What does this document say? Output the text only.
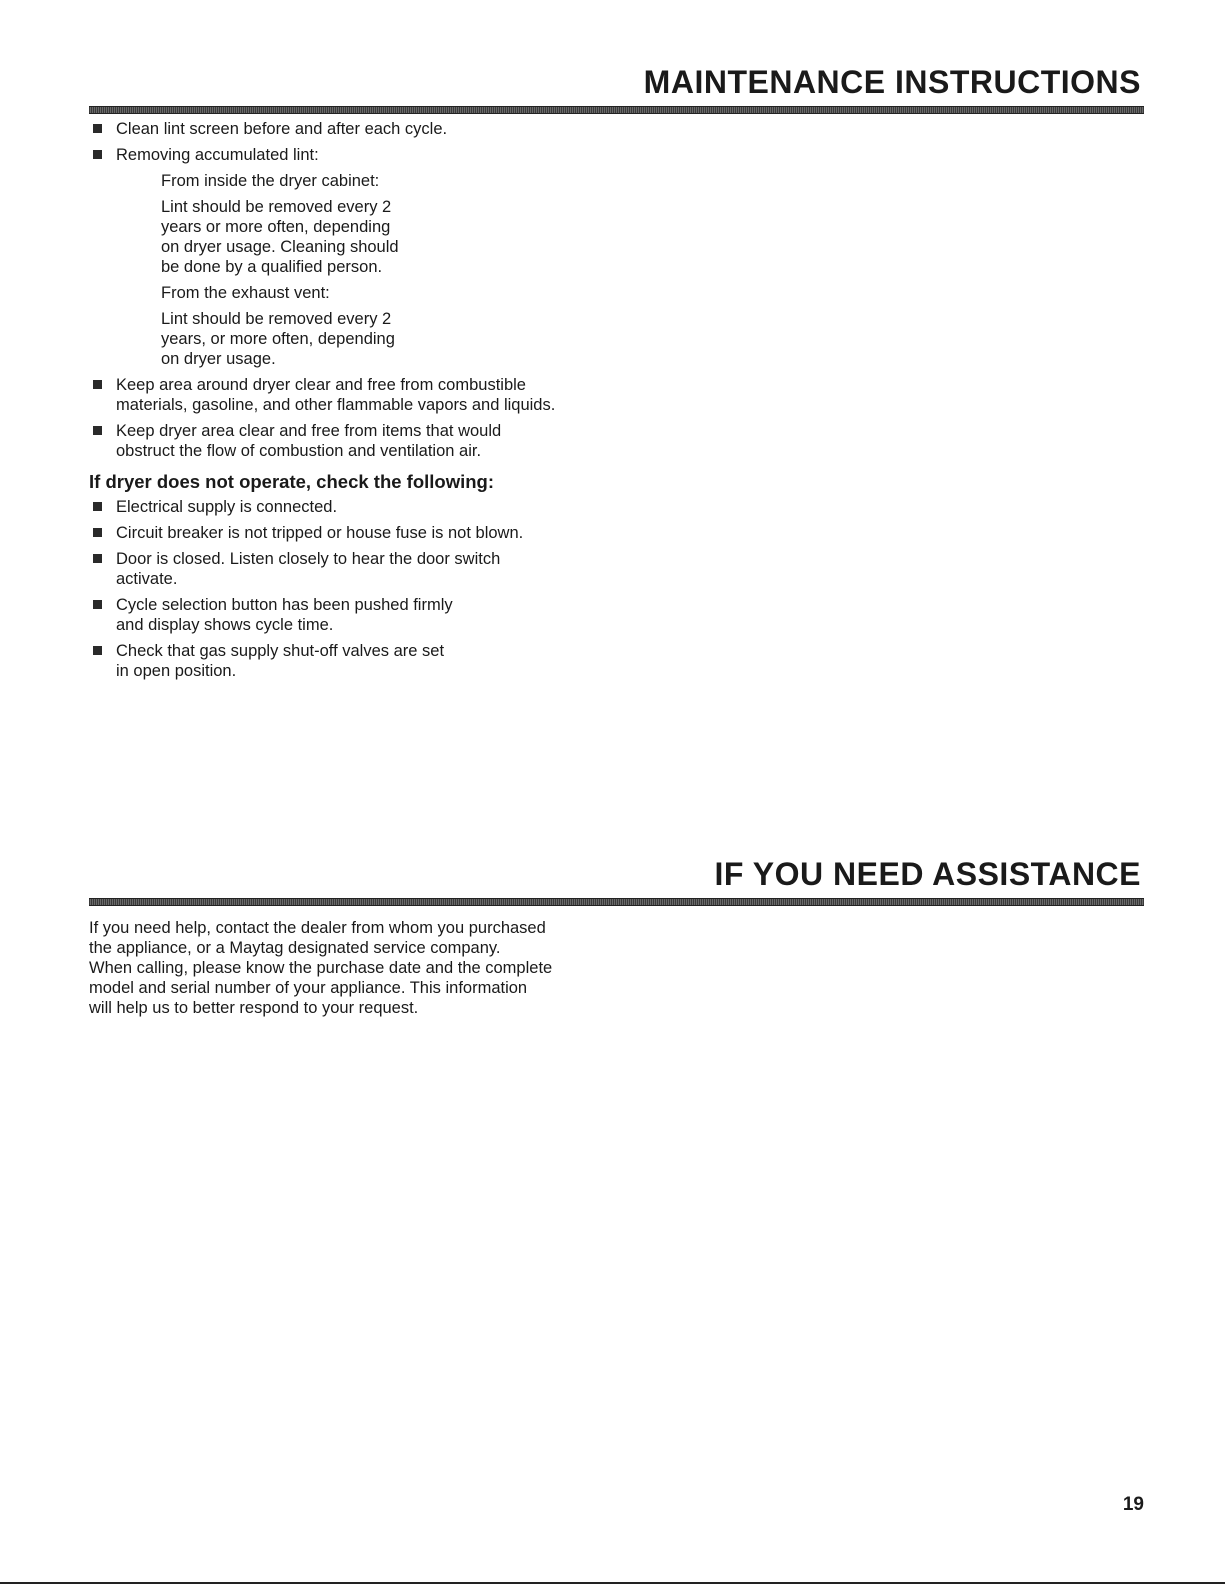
MAINTENANCE INSTRUCTIONS
Clean lint screen before and after each cycle.
Removing accumulated lint:
From inside the dryer cabinet:
Lint should be removed every 2
years or more often, depending
on dryer usage. Cleaning should
be done by a qualified person.
From the exhaust vent:
Lint should be removed every 2
years, or more often, depending
on dryer usage.
Keep area around dryer clear and free from combustible
materials, gasoline, and other flammable vapors and liquids.
Keep dryer area clear and free from items that would
obstruct the flow of combustion and ventilation air.
If dryer does not operate, check the following:
Electrical supply is connected.
Circuit breaker is not tripped or house fuse is not blown.
Door is closed. Listen closely to hear the door switch
activate.
Cycle selection button has been pushed firmly
and display shows cycle time.
Check that gas supply shut-off valves are set
in open position.
IF YOU NEED ASSISTANCE
If you need help, contact the dealer from whom you purchased
the appliance, or a Maytag designated service company.
When calling, please know the purchase date and the complete
model and serial number of your appliance. This information
will help us to better respond to your request.
19
